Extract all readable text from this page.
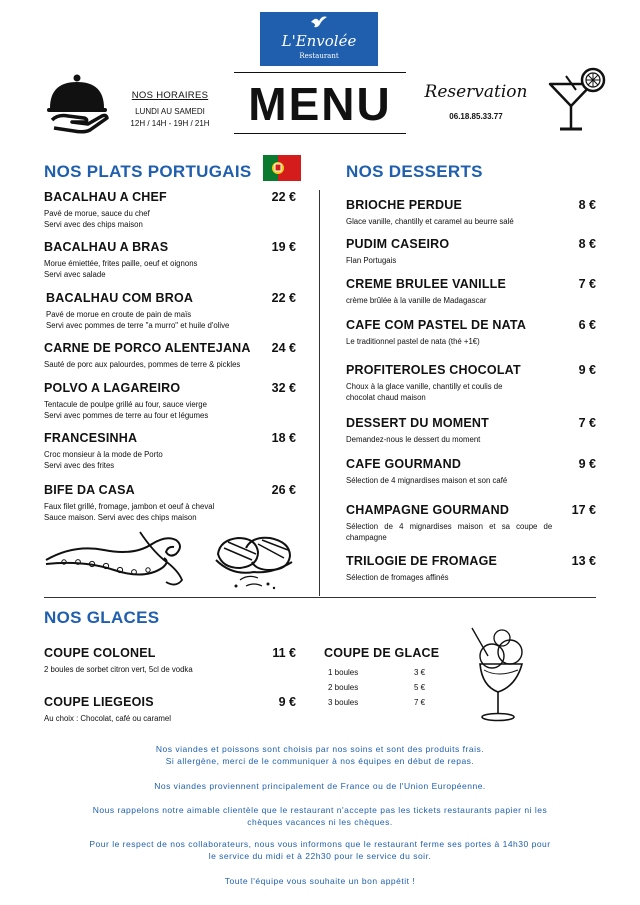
L'Envolée
Restaurant
NOS HORAIRES
LUNDI AU SAMEDI
12H / 14H - 19H / 21H MENU	Reservation
06.18.85.33.77
NOS PLATS PORTUGAIS	NOS DESSERTS
BACALHAU A CHEF	22 €
Pavé de morue, sauce du chef
Servi avec des chips maison
BACALHAU A BRAS	19 €
Morue émiettée, frites paille, oeuf et oignons
Servi avec salade
BACALHAU COM BROA	22 €
Pavé de morue en croute de pain de maïs
Servi avec pommes de terre "a murro" et huile d'olive
CARNE DE PORCO ALENTEJANA	24 €
Sauté de porc aux palourdes, pommes de terre & pickles
POLVO A LAGAREIRO	32 €
Tentacule de poulpe grillé au four, sauce vierge
Servi avec pommes de terre au four et légumes
FRANCESINHA	18 €
Croc monsieur à la mode de Porto
Servi avec des frites
BIFE DA CASA	26 €
Faux filet grillé, fromage, jambon et oeuf à cheval
Sauce maison. Servi avec des chips maison
BRIOCHE PERDUE	8 €
Glace vanille, chantilly et caramel au beurre salé
PUDIM CASEIRO	8 €
Flan Portugais
CREME BRULEE VANILLE	7 €
crème brûlée à la vanille de Madagascar
CAFE COM PASTEL DE NATA	6 €
Le traditionnel pastel de nata (thé +1€)
PROFITEROLES CHOCOLAT	9 €
Choux à la glace vanille, chantilly et coulis de
chocolat chaud maison
DESSERT DU MOMENT	7 €
Demandez-nous le dessert du moment
CAFE GOURMAND	9 €
Sélection de 4 mignardises maison et son café
CHAMPAGNE GOURMAND	17 €
Sélection de 4 mignardises maison et sa coupe de
champagne
TRILOGIE DE FROMAGE	13 €
Sélection de fromages affinés
NOS GLACES
COUPE COLONEL	11 €
2 boules de sorbet citron vert, 5cl de vodka
COUPE LIEGEOIS	9 €
Au choix : Chocolat, café ou caramel
COUPE DE GLACE
1 boules	3 €
2 boules	5 €
3 boules	7 €
Nos viandes et poissons sont choisis par nos soins et sont des produits frais.
Si allergène, merci de le communiquer à nos équipes en début de repas.
Nos viandes proviennent principalement de France ou de l'Union Européenne.
Nous rappelons notre aimable clientèle que le restaurant n'accepte pas les tickets restaurants papier ni les
chèques vacances ni les chèques.
Pour le respect de nos collaborateurs, nous vous informons que le restaurant ferme ses portes à 14h30 pour
le service du midi et à 22h30 pour le service du soir.
Toute l'équipe vous souhaite un bon appétit !
